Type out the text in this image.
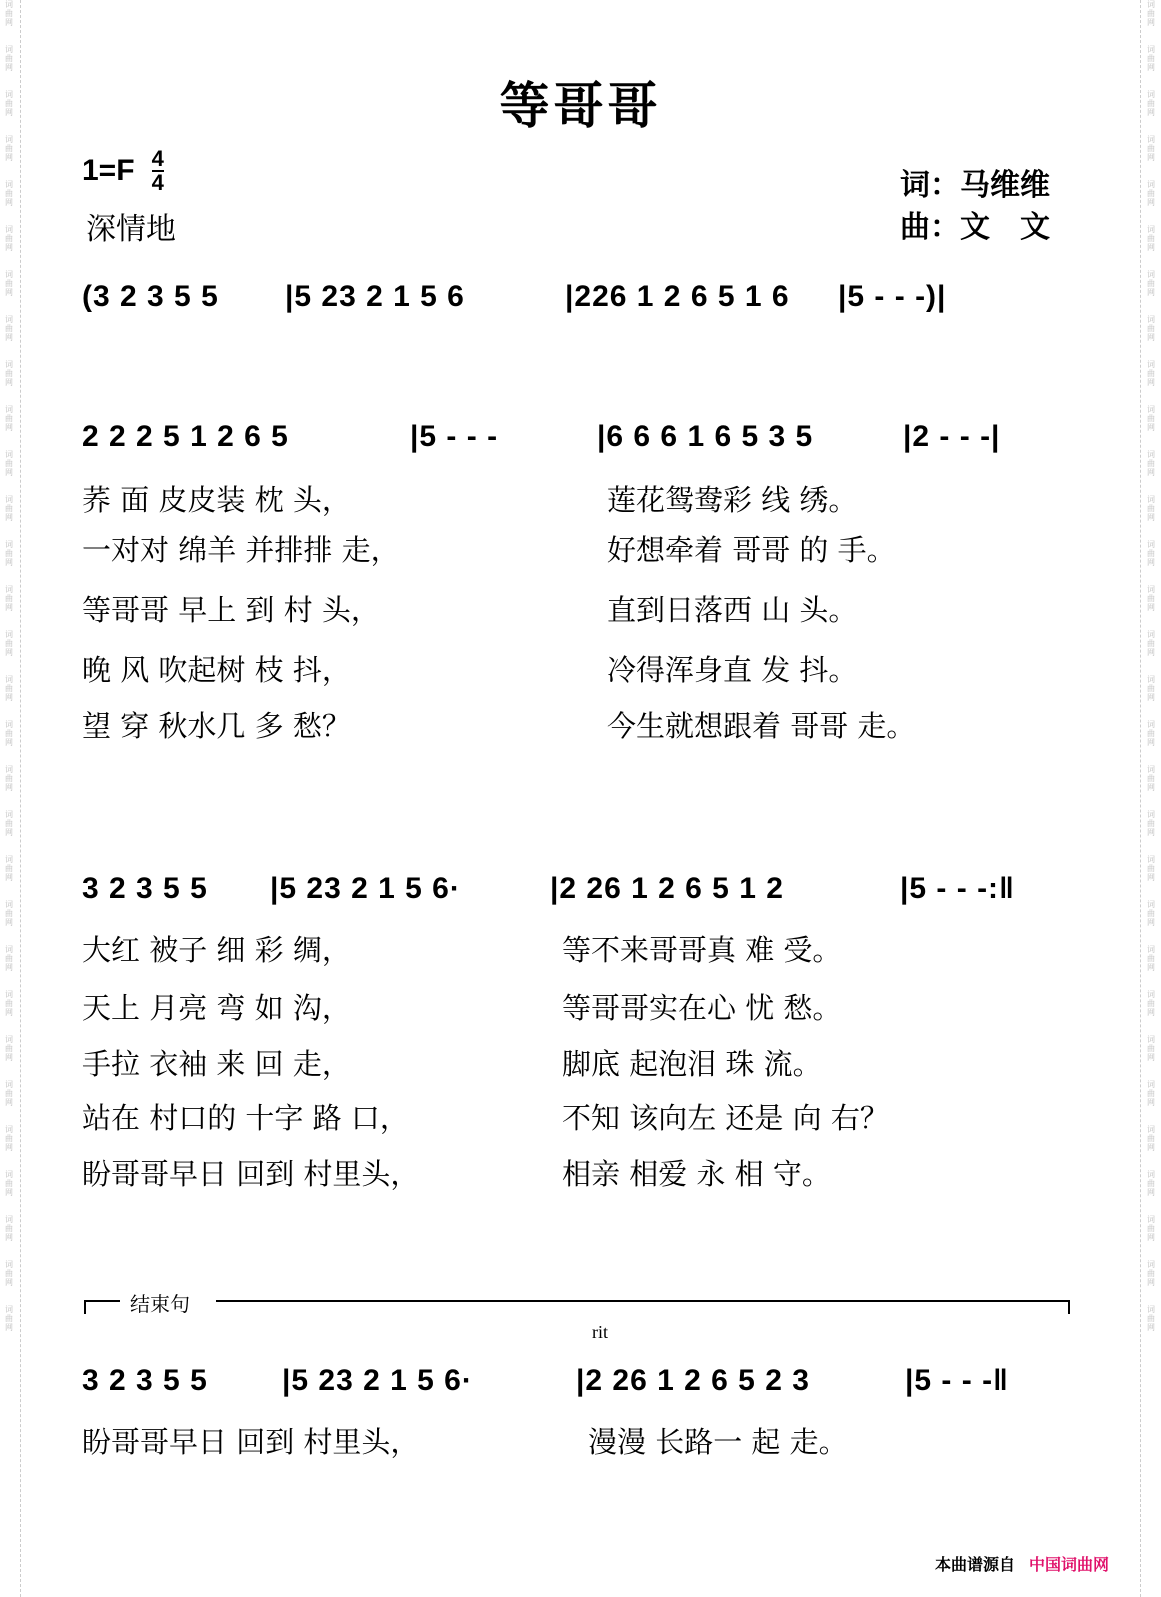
词
曲
网

词
曲
网

词
曲
网

词
曲
网

词
曲
网

词
曲
网

词
曲
网

词
曲
网

词
曲
网

词
曲
网

词
曲
网

词
曲
网

词
曲
网

词
曲
网

词
曲
网

词
曲
网

词
曲
网

词
曲
网

词
曲
网

词
曲
网

词
曲
网

词
曲
网

词
曲
网

词
曲
网

词
曲
网

词
曲
网

词
曲
网

词
曲
网

词
曲
网

词
曲
网

词
曲
网

词
曲
网

词
曲
网

词
曲
网

词
曲
网

词
曲
网

词
曲
网

词
曲
网

词
曲
网

词
曲
网

词
曲
网

词
曲
网

词
曲
网

词
曲
网

词
曲
网

词
曲
网

词
曲
网

词
曲
网

词
曲
网

词
曲
网

词
曲
网

词
曲
网

词
曲
网

词
曲
网

词
曲
网

词
曲
网

词
曲
网

词
曲
网

词
曲
网

词
曲
网

等哥哥
$1=F \frac{4}{4}$
深情地
词：马维维
曲：文　文
(3 2 3 5 5 |5 23 2 1 5 6	|226 1 2 6 5 1 6 |5 - - -)|
2 2 2 5 1 2 6 5	|5 - - -	|6 6 6 1 6 5 3 5	|2 - - -|
荞 面 皮皮装 枕 头，	莲花鸳鸯彩 线 绣。
一对对 绵羊 并排排 走，	好想牵着 哥哥 的 手。
等哥哥 早上 到 村 头，	直到日落西 山 头。
晚 风 吹起树 枝 抖，	冷得浑身直 发 抖。
望 穿 秋水几 多 愁？	今生就想跟着 哥哥 走。
3 2 3 5 5 |5 23 2 1 5 6·	|2 26 1 2 6 5 1 2	|5 - - -:‖
大红 被子 细 彩 绸，	等不来哥哥真 难 受。
天上 月亮 弯 如 沟，	等哥哥实在心 忧 愁。
手拉 衣袖 来 回 走，	脚底 起泡泪 珠 流。
站在 村口的 十字 路 口，	不知 该向左 还是 向 右？
盼哥哥早日 回到 村里头，	相亲 相爱 永 相 守。
结束句
rit
3 2 3 5 5 |5 23 2 1 5 6·	|2 26 1 2 6 5 2 3	|5 - - -‖
盼哥哥早日 回到 村里头，	漫漫 长路一 起 走。
本曲谱源自 中国词曲网
